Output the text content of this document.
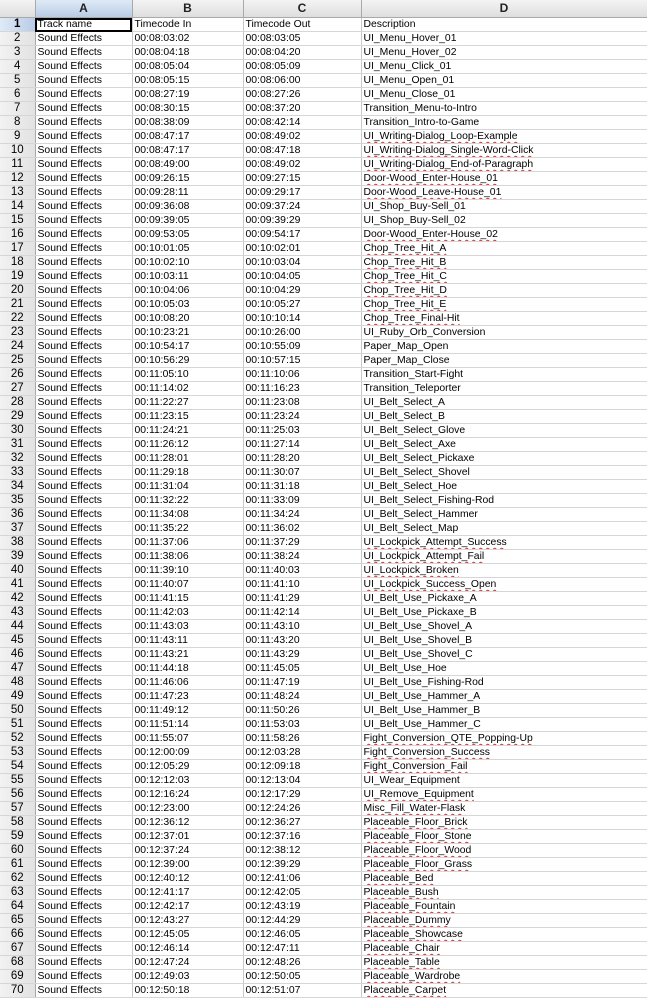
	A	B	C	D
1	Track name	Timecode In	Timecode Out	Description
2	Sound Effects	00:08:03:02	00:08:03:05	UI_Menu_Hover_01
3	Sound Effects	00:08:04:18	00:08:04:20	UI_Menu_Hover_02
4	Sound Effects	00:08:05:04	00:08:05:09	UI_Menu_Click_01
5	Sound Effects	00:08:05:15	00:08:06:00	UI_Menu_Open_01
6	Sound Effects	00:08:27:19	00:08:27:26	UI_Menu_Close_01
7	Sound Effects	00:08:30:15	00:08:37:20	Transition_Menu-to-Intro
8	Sound Effects	00:08:38:09	00:08:42:14	Transition_Intro-to-Game
9	Sound Effects	00:08:47:17	00:08:49:02	UI_Writing-Dialog_Loop-Example
10	Sound Effects	00:08:47:17	00:08:47:18	UI_Writing-Dialog_Single-Word-Click
11	Sound Effects	00:08:49:00	00:08:49:02	UI_Writing-Dialog_End-of-Paragraph
12	Sound Effects	00:09:26:15	00:09:27:15	Door-Wood_Enter-House_01
13	Sound Effects	00:09:28:11	00:09:29:17	Door-Wood_Leave-House_01
14	Sound Effects	00:09:36:08	00:09:37:24	UI_Shop_Buy-Sell_01
15	Sound Effects	00:09:39:05	00:09:39:29	UI_Shop_Buy-Sell_02
16	Sound Effects	00:09:53:05	00:09:54:17	Door-Wood_Enter-House_02
17	Sound Effects	00:10:01:05	00:10:02:01	Chop_Tree_Hit_A
18	Sound Effects	00:10:02:10	00:10:03:04	Chop_Tree_Hit_B
19	Sound Effects	00:10:03:11	00:10:04:05	Chop_Tree_Hit_C
20	Sound Effects	00:10:04:06	00:10:04:29	Chop_Tree_Hit_D
21	Sound Effects	00:10:05:03	00:10:05:27	Chop_Tree_Hit_E
22	Sound Effects	00:10:08:20	00:10:10:14	Chop_Tree_Final-Hit
23	Sound Effects	00:10:23:21	00:10:26:00	UI_Ruby_Orb_Conversion
24	Sound Effects	00:10:54:17	00:10:55:09	Paper_Map_Open
25	Sound Effects	00:10:56:29	00:10:57:15	Paper_Map_Close
26	Sound Effects	00:11:05:10	00:11:10:06	Transition_Start-Fight
27	Sound Effects	00:11:14:02	00:11:16:23	Transition_Teleporter
28	Sound Effects	00:11:22:27	00:11:23:08	UI_Belt_Select_A
29	Sound Effects	00:11:23:15	00:11:23:24	UI_Belt_Select_B
30	Sound Effects	00:11:24:21	00:11:25:03	UI_Belt_Select_Glove
31	Sound Effects	00:11:26:12	00:11:27:14	UI_Belt_Select_Axe
32	Sound Effects	00:11:28:01	00:11:28:20	UI_Belt_Select_Pickaxe
33	Sound Effects	00:11:29:18	00:11:30:07	UI_Belt_Select_Shovel
34	Sound Effects	00:11:31:04	00:11:31:18	UI_Belt_Select_Hoe
35	Sound Effects	00:11:32:22	00:11:33:09	UI_Belt_Select_Fishing-Rod
36	Sound Effects	00:11:34:08	00:11:34:24	UI_Belt_Select_Hammer
37	Sound Effects	00:11:35:22	00:11:36:02	UI_Belt_Select_Map
38	Sound Effects	00:11:37:06	00:11:37:29	UI_Lockpick_Attempt_Success
39	Sound Effects	00:11:38:06	00:11:38:24	UI_Lockpick_Attempt_Fail
40	Sound Effects	00:11:39:10	00:11:40:03	UI_Lockpick_Broken
41	Sound Effects	00:11:40:07	00:11:41:10	UI_Lockpick_Success_Open
42	Sound Effects	00:11:41:15	00:11:41:29	UI_Belt_Use_Pickaxe_A
43	Sound Effects	00:11:42:03	00:11:42:14	UI_Belt_Use_Pickaxe_B
44	Sound Effects	00:11:43:03	00:11:43:10	UI_Belt_Use_Shovel_A
45	Sound Effects	00:11:43:11	00:11:43:20	UI_Belt_Use_Shovel_B
46	Sound Effects	00:11:43:21	00:11:43:29	UI_Belt_Use_Shovel_C
47	Sound Effects	00:11:44:18	00:11:45:05	UI_Belt_Use_Hoe
48	Sound Effects	00:11:46:06	00:11:47:19	UI_Belt_Use_Fishing-Rod
49	Sound Effects	00:11:47:23	00:11:48:24	UI_Belt_Use_Hammer_A
50	Sound Effects	00:11:49:12	00:11:50:26	UI_Belt_Use_Hammer_B
51	Sound Effects	00:11:51:14	00:11:53:03	UI_Belt_Use_Hammer_C
52	Sound Effects	00:11:55:07	00:11:58:26	Fight_Conversion_QTE_Popping-Up
53	Sound Effects	00:12:00:09	00:12:03:28	Fight_Conversion_Success
54	Sound Effects	00:12:05:29	00:12:09:18	Fight_Conversion_Fail
55	Sound Effects	00:12:12:03	00:12:13:04	UI_Wear_Equipment
56	Sound Effects	00:12:16:24	00:12:17:29	UI_Remove_Equipment
57	Sound Effects	00:12:23:00	00:12:24:26	Misc_Fill_Water-Flask
58	Sound Effects	00:12:36:12	00:12:36:27	Placeable_Floor_Brick
59	Sound Effects	00:12:37:01	00:12:37:16	Placeable_Floor_Stone
60	Sound Effects	00:12:37:24	00:12:38:12	Placeable_Floor_Wood
61	Sound Effects	00:12:39:00	00:12:39:29	Placeable_Floor_Grass
62	Sound Effects	00:12:40:12	00:12:41:06	Placeable_Bed
63	Sound Effects	00:12:41:17	00:12:42:05	Placeable_Bush
64	Sound Effects	00:12:42:17	00:12:43:19	Placeable_Fountain
65	Sound Effects	00:12:43:27	00:12:44:29	Placeable_Dummy
66	Sound Effects	00:12:45:05	00:12:46:05	Placeable_Showcase
67	Sound Effects	00:12:46:14	00:12:47:11	Placeable_Chair
68	Sound Effects	00:12:47:24	00:12:48:26	Placeable_Table
69	Sound Effects	00:12:49:03	00:12:50:05	Placeable_Wardrobe
70	Sound Effects	00:12:50:18	00:12:51:07	Placeable_Carpet
